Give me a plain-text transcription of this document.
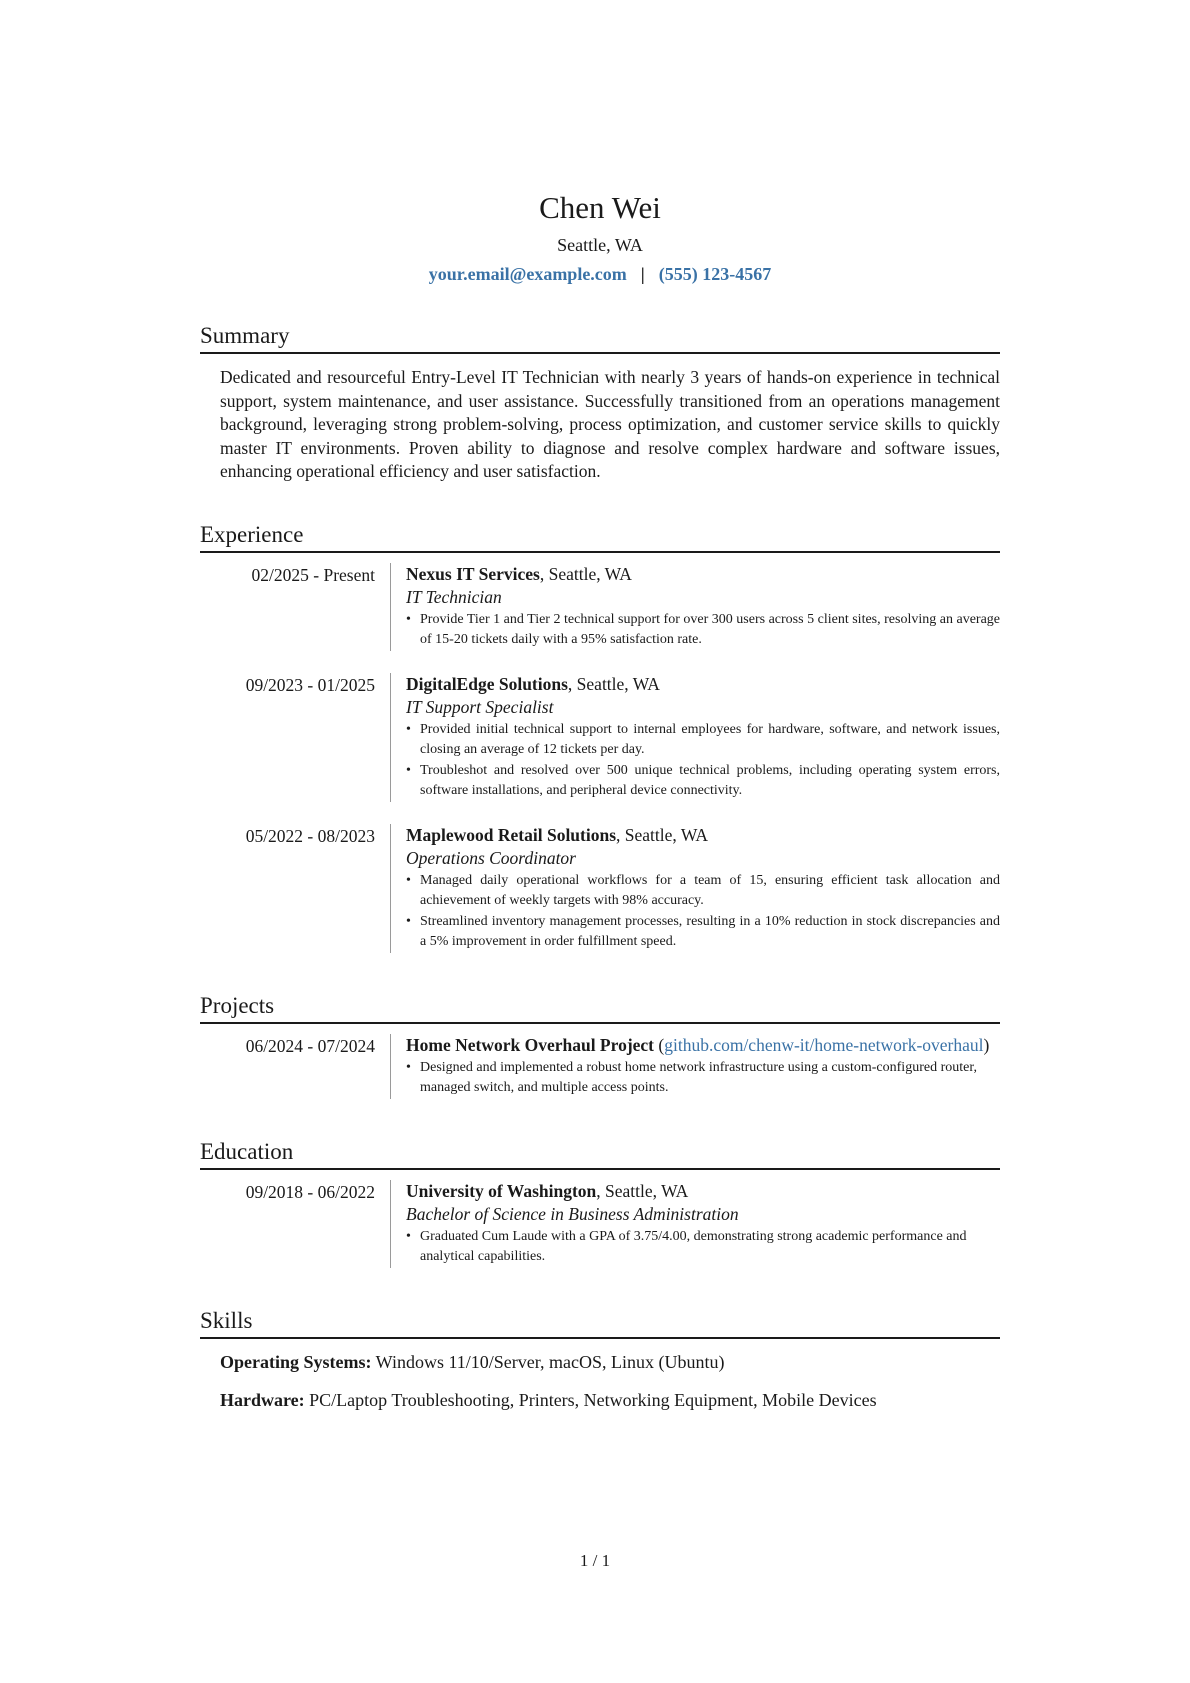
Chen Wei
Seattle, WA
your.email@example.com | (555) 123-4567
Summary
Dedicated and resourceful Entry-Level IT Technician with nearly 3 years of hands-on experience in technical support, system maintenance, and user assistance. Successfully transitioned from an operations management background, leveraging strong problem-solving, process optimization, and customer service skills to quickly master IT environments. Proven ability to diagnose and resolve complex hardware and software issues, enhancing operational efficiency and user satisfaction.
Experience
02/2025 - Present	Nexus IT Services, Seattle, WA
IT Technician
• Provide Tier 1 and Tier 2 technical support for over 300 users across 5 client sites, resolving an average of 15-20 tickets daily with a 95% satisfaction rate.
09/2023 - 01/2025	DigitalEdge Solutions, Seattle, WA
IT Support Specialist
• Provided initial technical support to internal employees for hardware, software, and network issues, closing an average of 12 tickets per day.
• Troubleshot and resolved over 500 unique technical problems, including operating system errors, software installations, and peripheral device connectivity.
05/2022 - 08/2023	Maplewood Retail Solutions, Seattle, WA
Operations Coordinator
• Managed daily operational workflows for a team of 15, ensuring efficient task allocation and achievement of weekly targets with 98% accuracy.
• Streamlined inventory management processes, resulting in a 10% reduction in stock discrepancies and a 5% improvement in order fulfillment speed.
Projects
06/2024 - 07/2024	Home Network Overhaul Project (github.com/chenw-it/home-network-overhaul)
• Designed and implemented a robust home network infrastructure using a custom-configured router, managed switch, and multiple access points.
Education
09/2018 - 06/2022	University of Washington, Seattle, WA
Bachelor of Science in Business Administration
• Graduated Cum Laude with a GPA of 3.75/4.00, demonstrating strong academic performance and analytical capabilities.
Skills
Operating Systems: Windows 11/10/Server, macOS, Linux (Ubuntu)
Hardware: PC/Laptop Troubleshooting, Printers, Networking Equipment, Mobile Devices
1 / 1
